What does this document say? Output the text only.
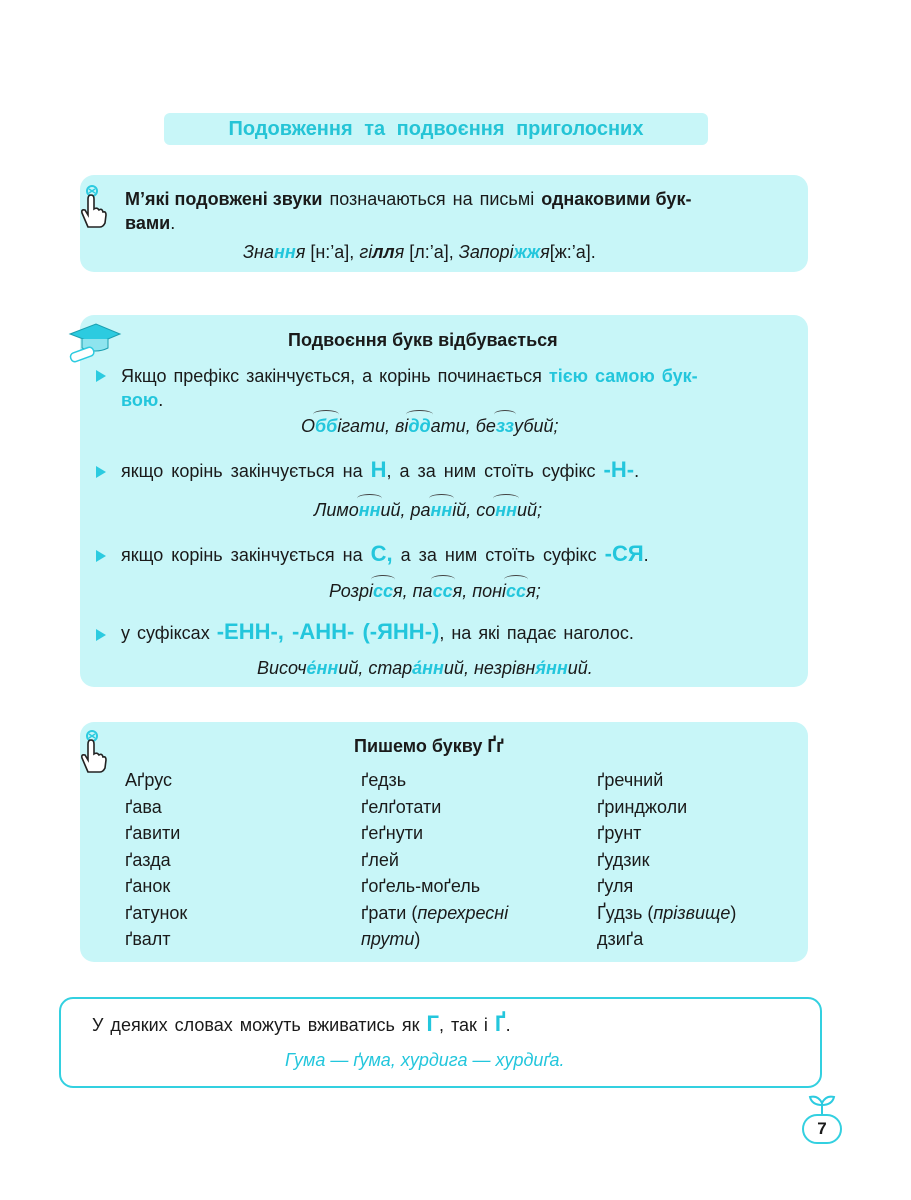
Подовження та подвоєння приголосних
М’які подовжені звуки позначаються на письмі однаковими бук-
вами.
Знання [н:’а], гілля [л:’а], Запоріжжя[ж:’а].
Подвоєння букв відбувається
Якщо префікс закінчується, а корінь починається тією самою бук-
вою.
Оббігати, віддати, беззубий;
якщо корінь закінчується на Н, а за ним стоїть суфікс -Н-.
Лимонний, ранній, сонний;
якщо корінь закінчується на С, а за ним стоїть суфікс -СЯ.
Розрісся, пасся, понісся;
у суфіксах -ЕНН-, -АНН- (-ЯНН-), на які падає наголос.
Височе́нний, стара́нний, незрівня́нний.
Пишемо букву Ґґ
Аґрус
ґава
ґавити
ґазда
ґанок
ґатунок
ґвалт
ґедзь
ґелґотати
ґеґнути
ґлей
ґоґель-моґель
ґрати (перехресні
прути)
ґречний
ґринджоли
ґрунт
ґудзик
ґуля
Ґудзь (прізвище)
дзиґа
У деяких словах можуть вживатись як Г, так і Ґ.
Гума — ґума, хурдига — хурдиґа.
7
